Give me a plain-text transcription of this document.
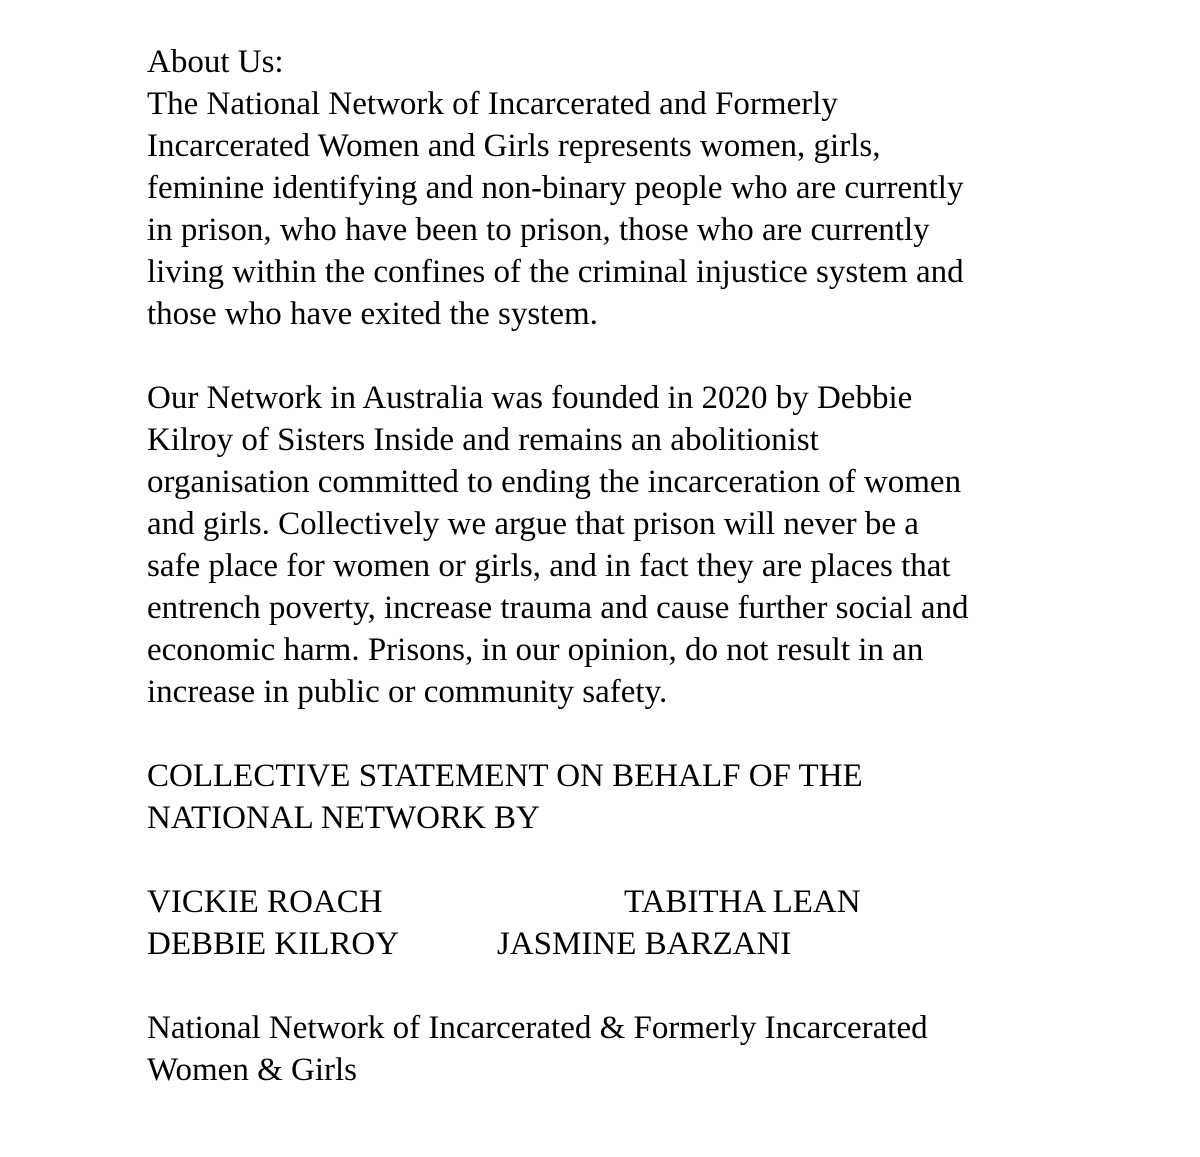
About Us:
The National Network of Incarcerated and Formerly
Incarcerated Women and Girls represents women, girls,
feminine identifying and non-binary people who are currently
in prison, who have been to prison, those who are currently
living within the confines of the criminal injustice system and
those who have exited the system.
Our Network in Australia was founded in 2020 by Debbie
Kilroy of Sisters Inside and remains an abolitionist
organisation committed to ending the incarceration of women
and girls. Collectively we argue that prison will never be a
safe place for women or girls, and in fact they are places that
entrench poverty, increase trauma and cause further social and
economic harm. Prisons, in our opinion, do not result in an
increase in public or community safety.
COLLECTIVE STATEMENT ON BEHALF OF THE
NATIONAL NETWORK BY
VICKIE ROACH	TABITHA LEAN
DEBBIE KILROY	JASMINE BARZANI
National Network of Incarcerated & Formerly Incarcerated
Women & Girls
